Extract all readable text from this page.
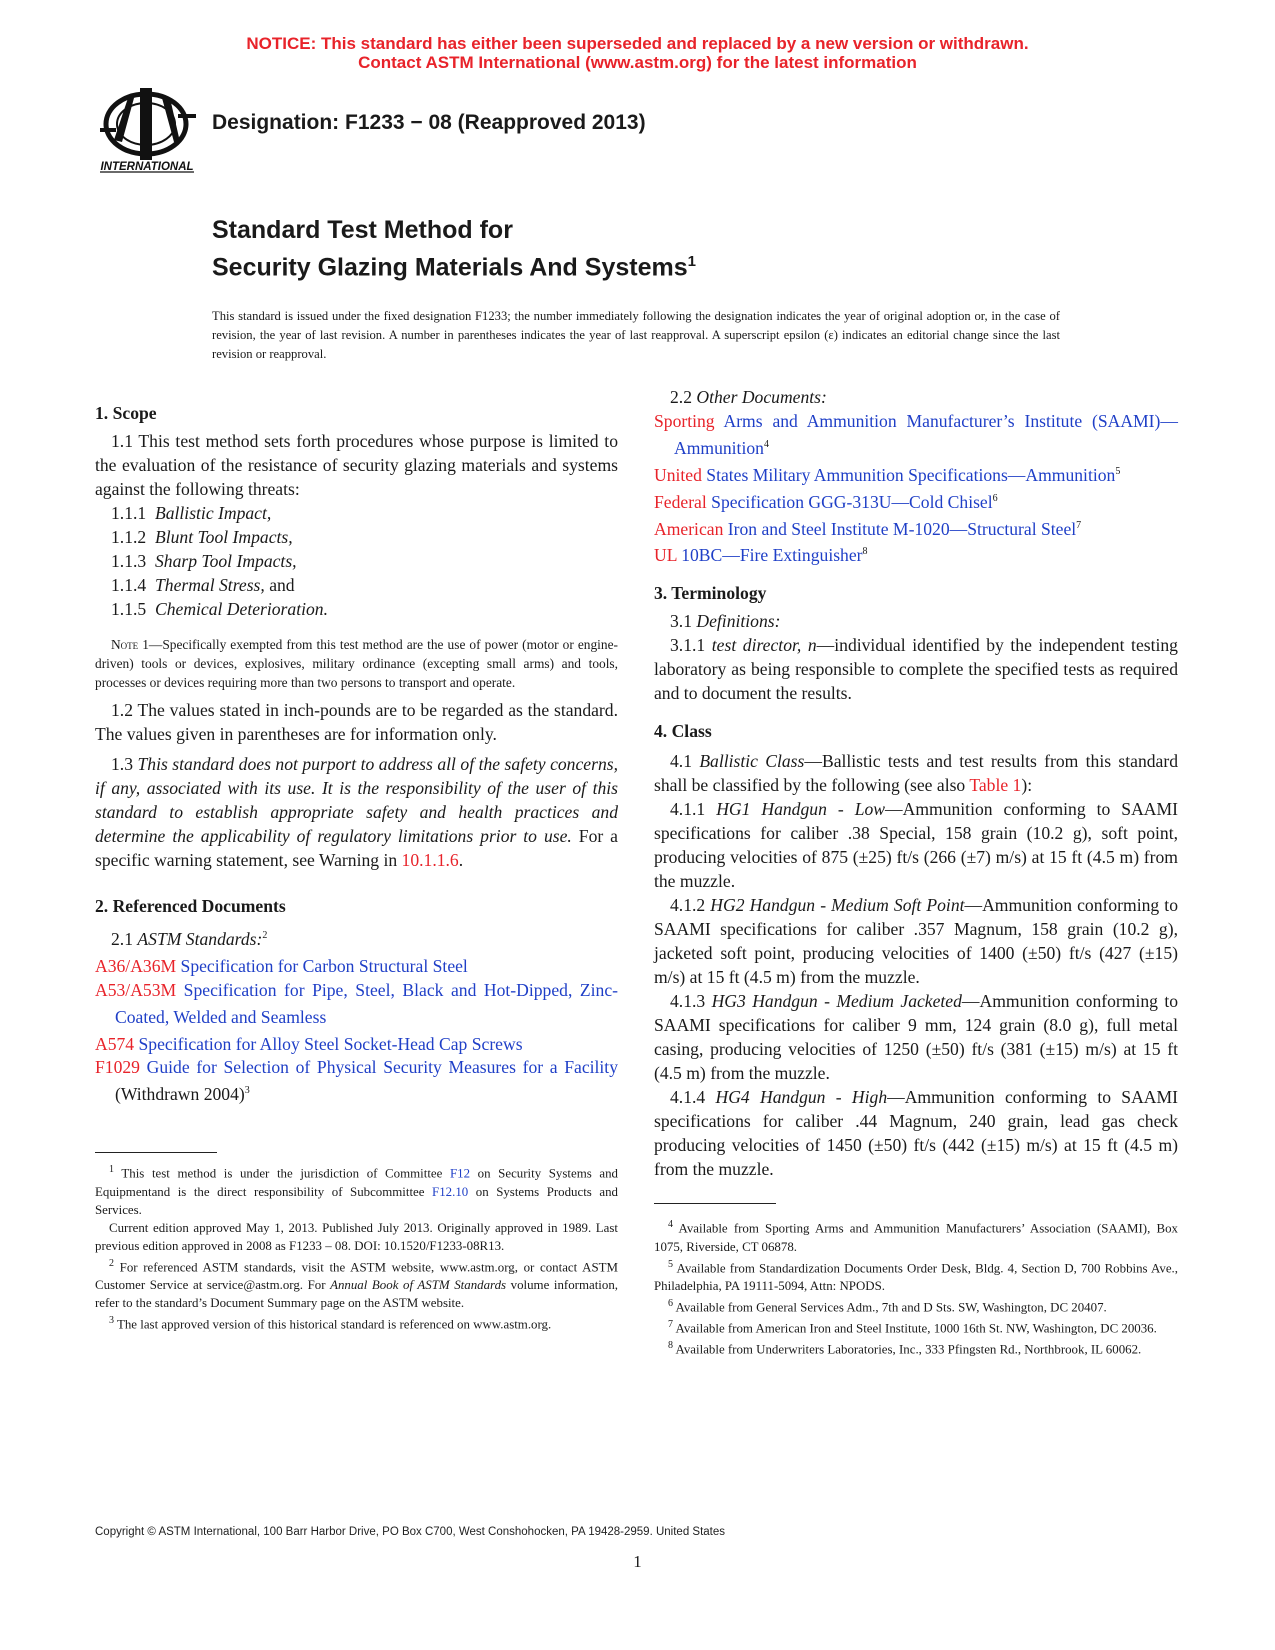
NOTICE: This standard has either been superseded and replaced by a new version or withdrawn.
Contact ASTM International (www.astm.org) for the latest information
INTERNATIONAL
Designation: F1233 − 08 (Reapproved 2013)
Standard Test Method for
Security Glazing Materials And Systems$^1$
This standard is issued under the fixed designation F1233; the number immediately following the designation indicates the year of original adoption or, in the case of revision, the year of last revision. A number in parentheses indicates the year of last reapproval. A superscript epsilon (ε) indicates an editorial change since the last revision or reapproval.

1. Scope

1.1 This test method sets forth procedures whose purpose is limited to the evaluation of the resistance of security glazing materials and systems against the following threats:

1.1.1 Ballistic Impact,

1.1.2 Blunt Tool Impacts,

1.1.3 Sharp Tool Impacts,

1.1.4 Thermal Stress, and

1.1.5 Chemical Deterioration.

Note 1—Specifically exempted from this test method are the use of power (motor or engine-driven) tools or devices, explosives, military ordinance (excepting small arms) and tools, processes or devices requiring more than two persons to transport and operate.

1.2 The values stated in inch-pounds are to be regarded as the standard. The values given in parentheses are for information only.

1.3 This standard does not purport to address all of the safety concerns, if any, associated with its use. It is the responsibility of the user of this standard to establish appropriate safety and health practices and determine the applicability of regulatory limitations prior to use. For a specific warning statement, see Warning in 10.1.1.6.

2. Referenced Documents

2.1 ASTM Standards:$^2$

A36/A36M Specification for Carbon Structural Steel

A53/A53M Specification for Pipe, Steel, Black and Hot-Dipped, Zinc-Coated, Welded and Seamless

A574 Specification for Alloy Steel Socket-Head Cap Screws

F1029 Guide for Selection of Physical Security Measures for a Facility (Withdrawn 2004)$^3$

$^1$ This test method is under the jurisdiction of Committee F12 on Security Systems and Equipmentand is the direct responsibility of Subcommittee F12.10 on Systems Products and Services.

Current edition approved May 1, 2013. Published July 2013. Originally approved in 1989. Last previous edition approved in 2008 as F1233 – 08. DOI: 10.1520/F1233-08R13.

$^2$ For referenced ASTM standards, visit the ASTM website, www.astm.org, or contact ASTM Customer Service at service@astm.org. For Annual Book of ASTM Standards volume information, refer to the standard’s Document Summary page on the ASTM website.

$^3$ The last approved version of this historical standard is referenced on www.astm.org.

2.2 Other Documents:

Sporting Arms and Ammunition Manufacturer’s Institute (SAAMI)—Ammunition$^4$

United States Military Ammunition Specifications—Ammunition$^5$

Federal Specification GGG-313U—Cold Chisel$^6$

American Iron and Steel Institute M-1020—Structural Steel$^7$

UL 10BC—Fire Extinguisher$^8$

3. Terminology

3.1 Definitions:

3.1.1 test director, n—individual identified by the independent testing laboratory as being responsible to complete the specified tests as required and to document the results.

4. Class

4.1 Ballistic Class—Ballistic tests and test results from this standard shall be classified by the following (see also Table 1):

4.1.1 HG1 Handgun - Low—Ammunition conforming to SAAMI specifications for caliber .38 Special, 158 grain (10.2 g), soft point, producing velocities of 875 (±25) ft/s (266 (±7) m/s) at 15 ft (4.5 m) from the muzzle.

4.1.2 HG2 Handgun - Medium Soft Point—Ammunition conforming to SAAMI specifications for caliber .357 Magnum, 158 grain (10.2 g), jacketed soft point, producing velocities of 1400 (±50) ft/s (427 (±15) m/s) at 15 ft (4.5 m) from the muzzle.

4.1.3 HG3 Handgun - Medium Jacketed—Ammunition conforming to SAAMI specifications for caliber 9 mm, 124 grain (8.0 g), full metal casing, producing velocities of 1250 (±50) ft/s (381 (±15) m/s) at 15 ft (4.5 m) from the muzzle.

4.1.4 HG4 Handgun - High—Ammunition conforming to SAAMI specifications for caliber .44 Magnum, 240 grain, lead gas check producing velocities of 1450 (±50) ft/s (442 (±15) m/s) at 15 ft (4.5 m) from the muzzle.

$^4$ Available from Sporting Arms and Ammunition Manufacturers’ Association (SAAMI), Box 1075, Riverside, CT 06878.

$^5$ Available from Standardization Documents Order Desk, Bldg. 4, Section D, 700 Robbins Ave., Philadelphia, PA 19111-5094, Attn: NPODS.

$^6$ Available from General Services Adm., 7th and D Sts. SW, Washington, DC 20407.

$^7$ Available from American Iron and Steel Institute, 1000 16th St. NW, Washington, DC 20036.

$^8$ Available from Underwriters Laboratories, Inc., 333 Pfingsten Rd., Northbrook, IL 60062.

Copyright © ASTM International, 100 Barr Harbor Drive, PO Box C700, West Conshohocken, PA 19428-2959. United States
1
